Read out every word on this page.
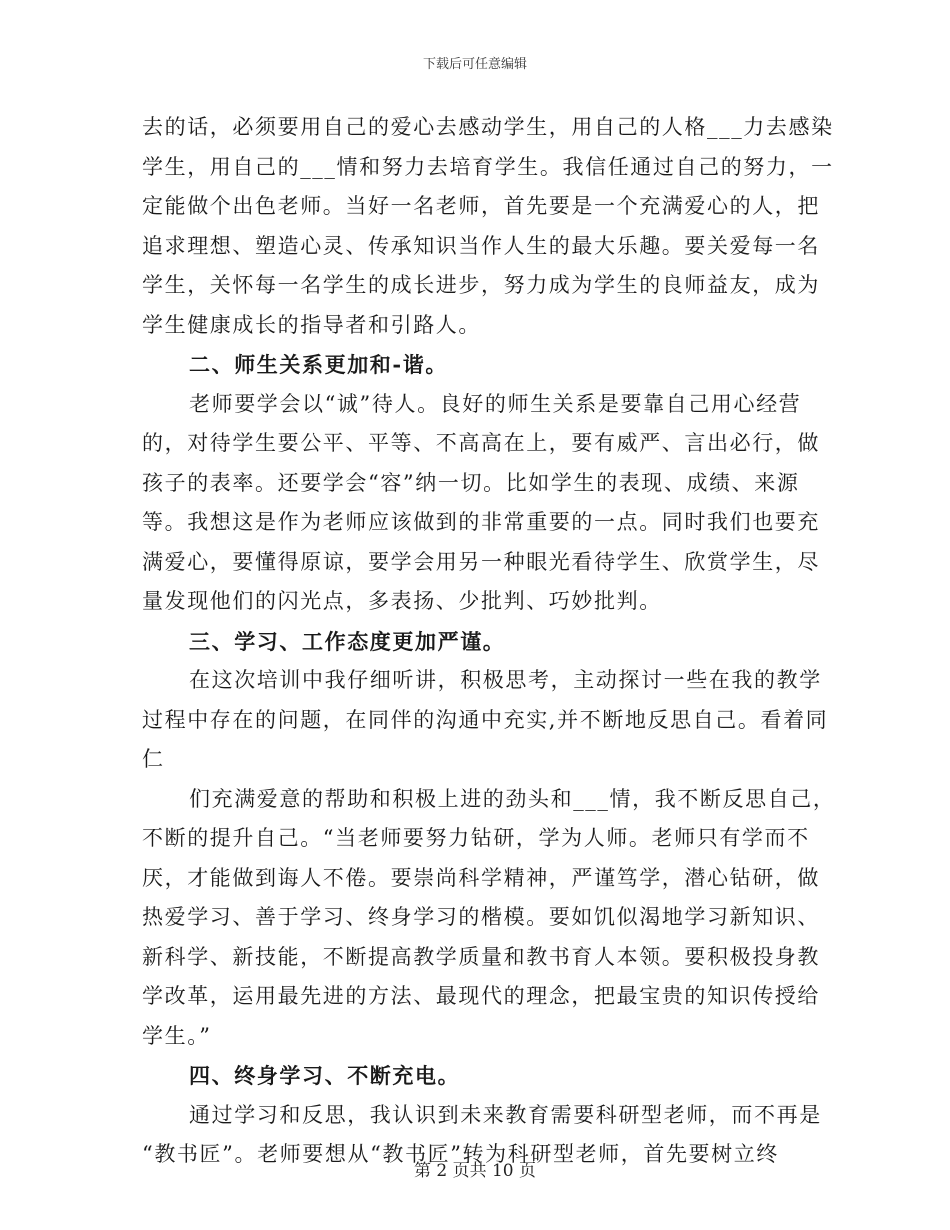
下载后可任意编辑
去的话，必须要用自己的爱心去感动学生，用自己的人格___力去感染
学生，用自己的___情和努力去培育学生。我信任通过自己的努力，一
定能做个出色老师。当好一名老师，首先要是一个充满爱心的人，把
追求理想、塑造心灵、传承知识当作人生的最大乐趣。要关爱每一名
学生，关怀每一名学生的成长进步，努力成为学生的良师益友，成为
学生健康成长的指导者和引路人。
二、师生关系更加和-谐。
老师要学会以“诚”待人。良好的师生关系是要靠自己用心经营
的，对待学生要公平、平等、不高高在上，要有威严、言出必行，做
孩子的表率。还要学会“容”纳一切。比如学生的表现、成绩、来源
等。我想这是作为老师应该做到的非常重要的一点。同时我们也要充
满爱心，要懂得原谅，要学会用另一种眼光看待学生、欣赏学生，尽
量发现他们的闪光点，多表扬、少批判、巧妙批判。
三、学习、工作态度更加严谨。
在这次培训中我仔细听讲，积极思考，主动探讨一些在我的教学
过程中存在的问题，在同伴的沟通中充实,并不断地反思自己。看着同
仁
们充满爱意的帮助和积极上进的劲头和___情，我不断反思自己，
不断的提升自己。“当老师要努力钻研，学为人师。老师只有学而不
厌，才能做到诲人不倦。要崇尚科学精神，严谨笃学，潜心钻研，做
热爱学习、善于学习、终身学习的楷模。要如饥似渴地学习新知识、
新科学、新技能，不断提高教学质量和教书育人本领。要积极投身教
学改革，运用最先进的方法、最现代的理念，把最宝贵的知识传授给
学生。”
四、终身学习、不断充电。
通过学习和反思，我认识到未来教育需要科研型老师，而不再是
“教书匠”。老师要想从“教书匠”转为科研型老师，首先要树立终
第 2 页共 10 页
